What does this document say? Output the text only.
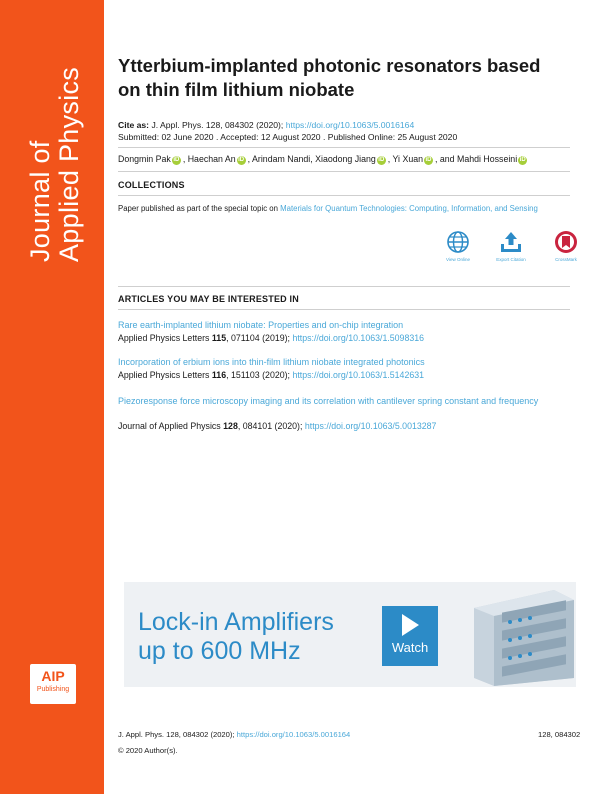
Journal of Applied Physics
AIP
Publishing
Ytterbium-implanted photonic resonators based on thin film lithium niobate
Cite as: J. Appl. Phys. 128, 084302 (2020); https://doi.org/10.1063/5.0016164
Submitted: 02 June 2020 . Accepted: 12 August 2020 . Published Online: 25 August 2020
Dongmin Pak iD , Haechan An iD , Arindam Nandi, Xiaodong Jiang iD , Yi Xuan iD , and Mahdi Hosseini iD
COLLECTIONS
Paper published as part of the special topic on Materials for Quantum Technologies: Computing, Information, and Sensing
View Online	Export Citation	CrossMark
ARTICLES YOU MAY BE INTERESTED IN
Rare earth-implanted lithium niobate: Properties and on-chip integration
Applied Physics Letters 115, 071104 (2019); https://doi.org/10.1063/1.5098316
Incorporation of erbium ions into thin-film lithium niobate integrated photonics
Applied Physics Letters 116, 151103 (2020); https://doi.org/10.1063/1.5142631
Piezoresponse force microscopy imaging and its correlation with cantilever spring constant and frequency
Journal of Applied Physics 128, 084101 (2020); https://doi.org/10.1063/5.0013287
Lock-in Amplifiers
up to 600 MHz	Watch
J. Appl. Phys. 128, 084302 (2020); https://doi.org/10.1063/5.0016164	128, 084302
© 2020 Author(s).
